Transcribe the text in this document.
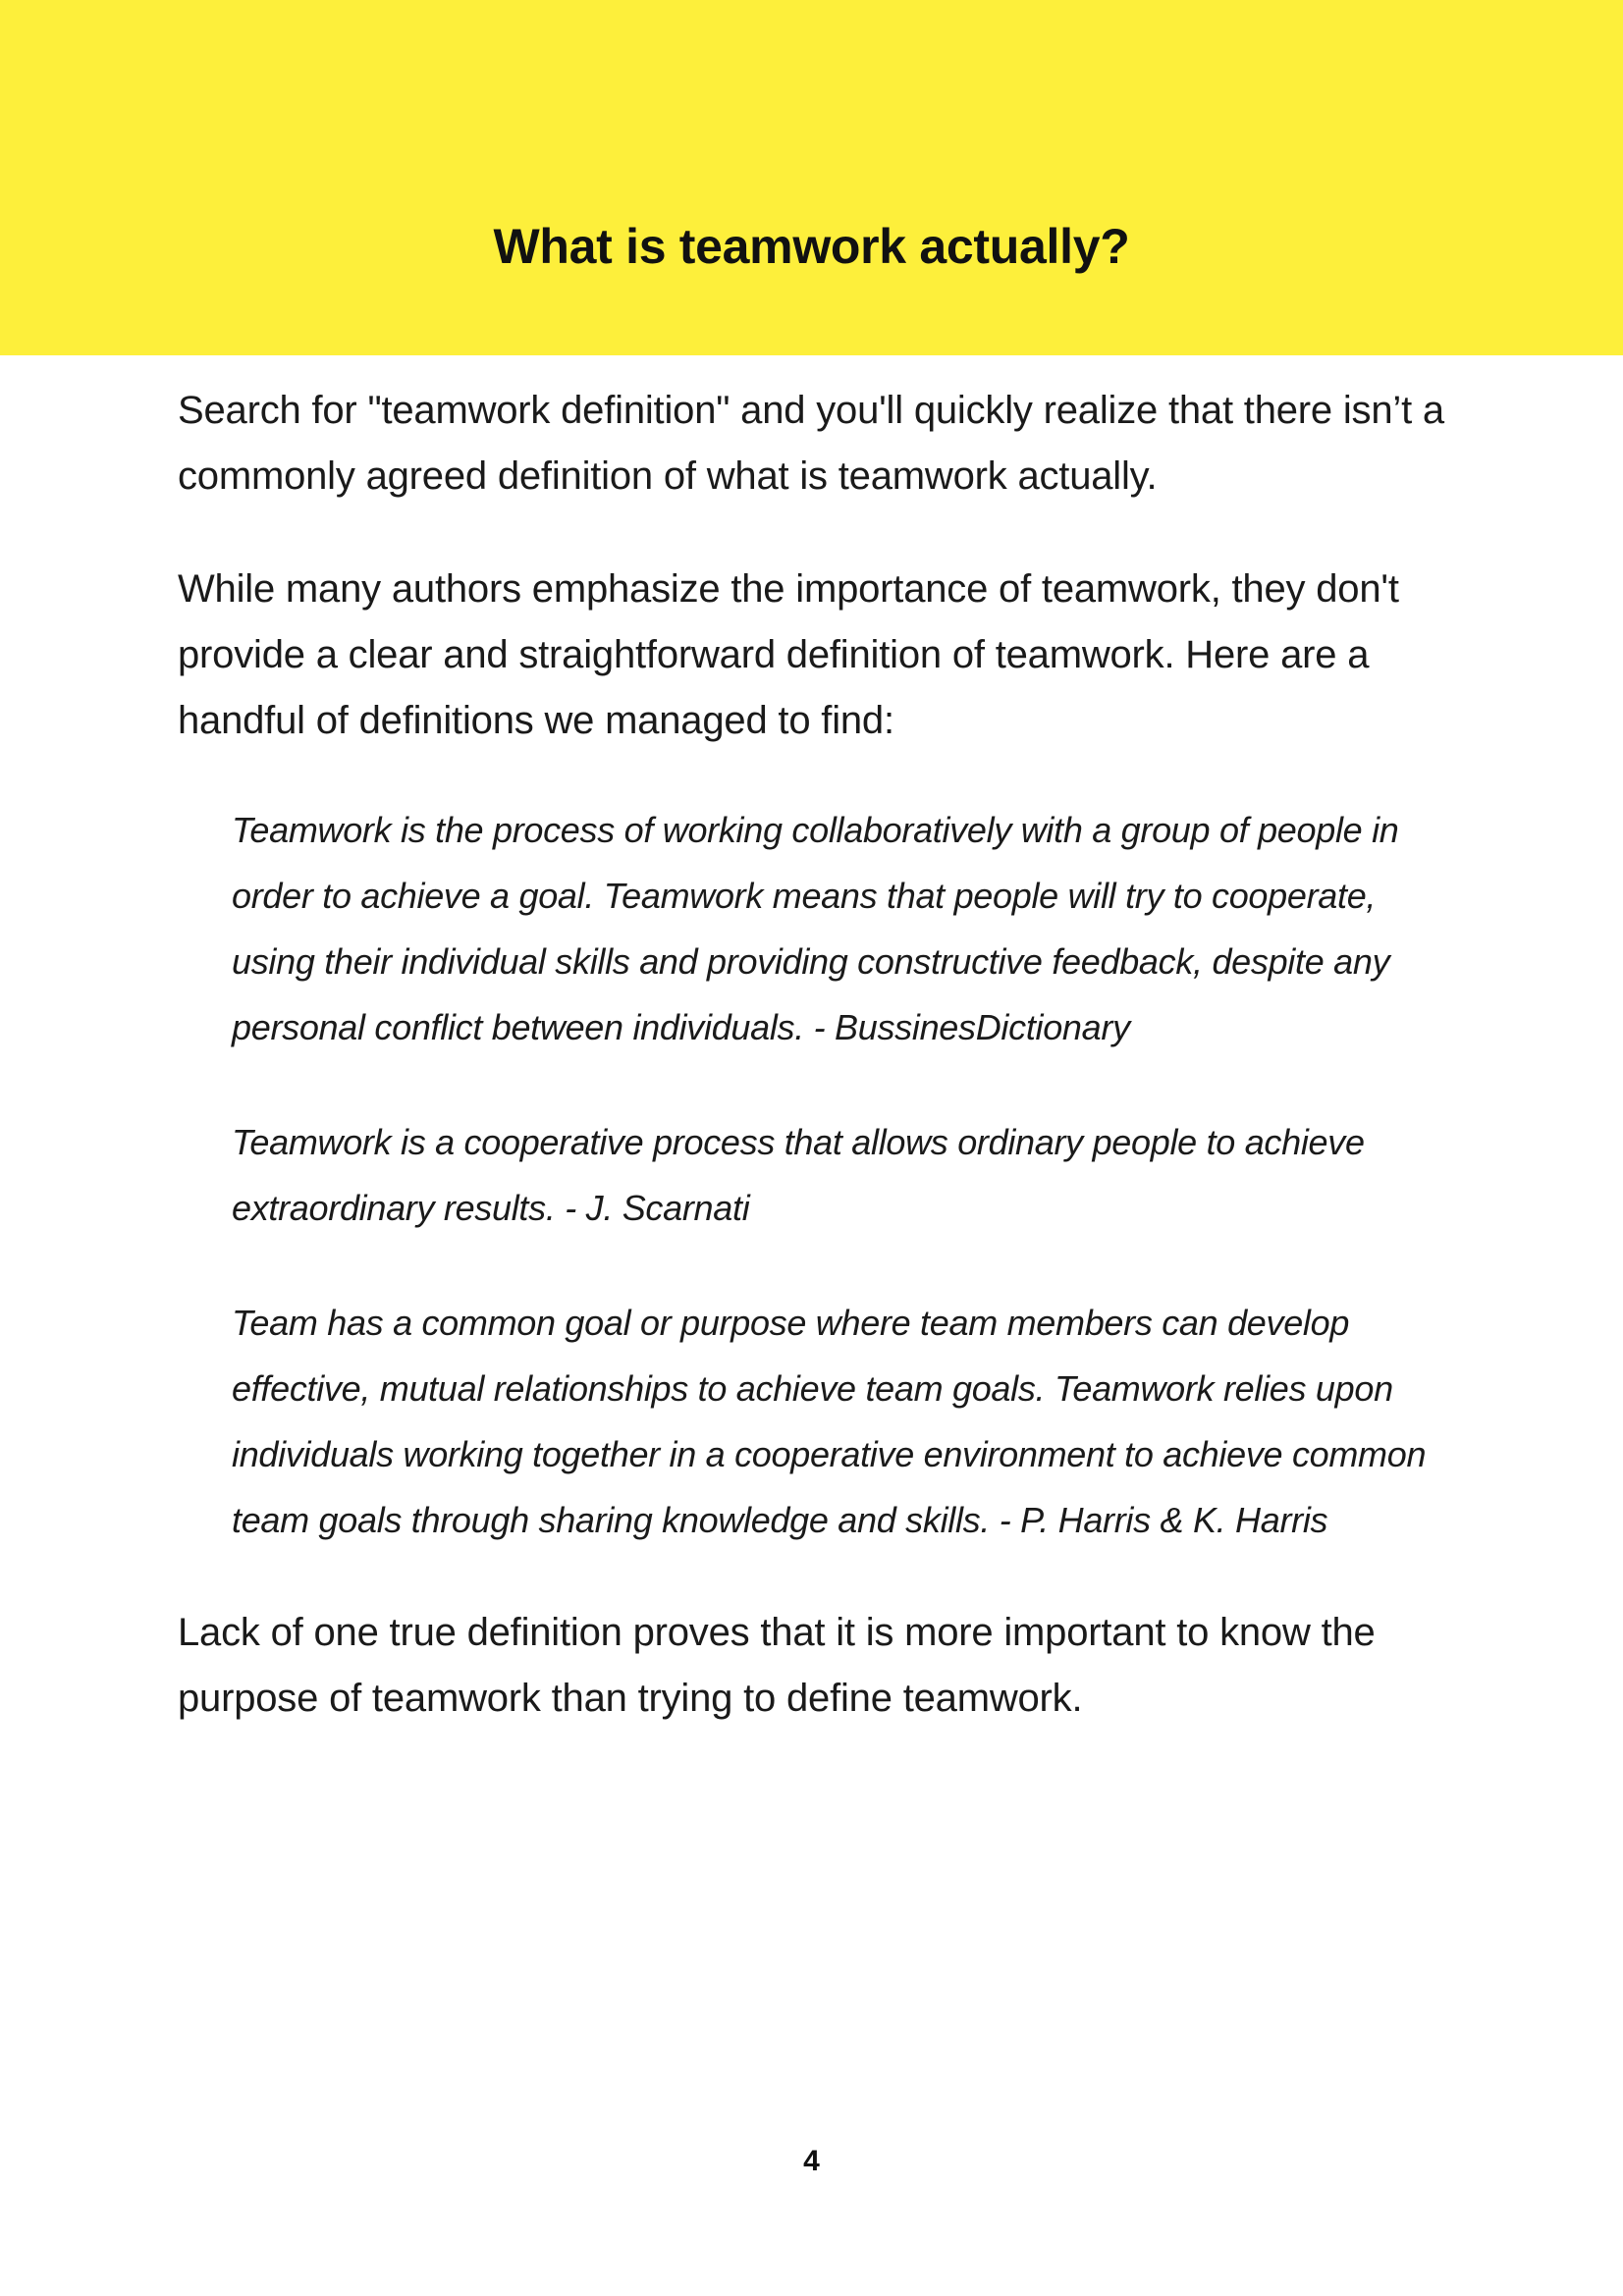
What is teamwork actually?

Search for "teamwork definition" and you'll quickly realize that there isn’t a commonly agreed definition of what is teamwork actually.

While many authors emphasize the importance of teamwork, they don't provide a clear and straightforward definition of teamwork. Here are a handful of definitions we managed to find:

Teamwork is the process of working collaboratively with a group of people in order to achieve a goal. Teamwork means that people will try to cooperate, using their individual skills and providing constructive feedback, despite any personal conflict between individuals. - BussinesDictionary

Teamwork is a cooperative process that allows ordinary people to achieve extraordinary results. - J. Scarnati

Team has a common goal or purpose where team members can develop effective, mutual relationships to achieve team goals. Teamwork relies upon individuals working together in a cooperative environment to achieve common team goals through sharing knowledge and skills. - P. Harris & K. Harris

Lack of one true definition proves that it is more important to know the purpose of teamwork than trying to define teamwork.

4
